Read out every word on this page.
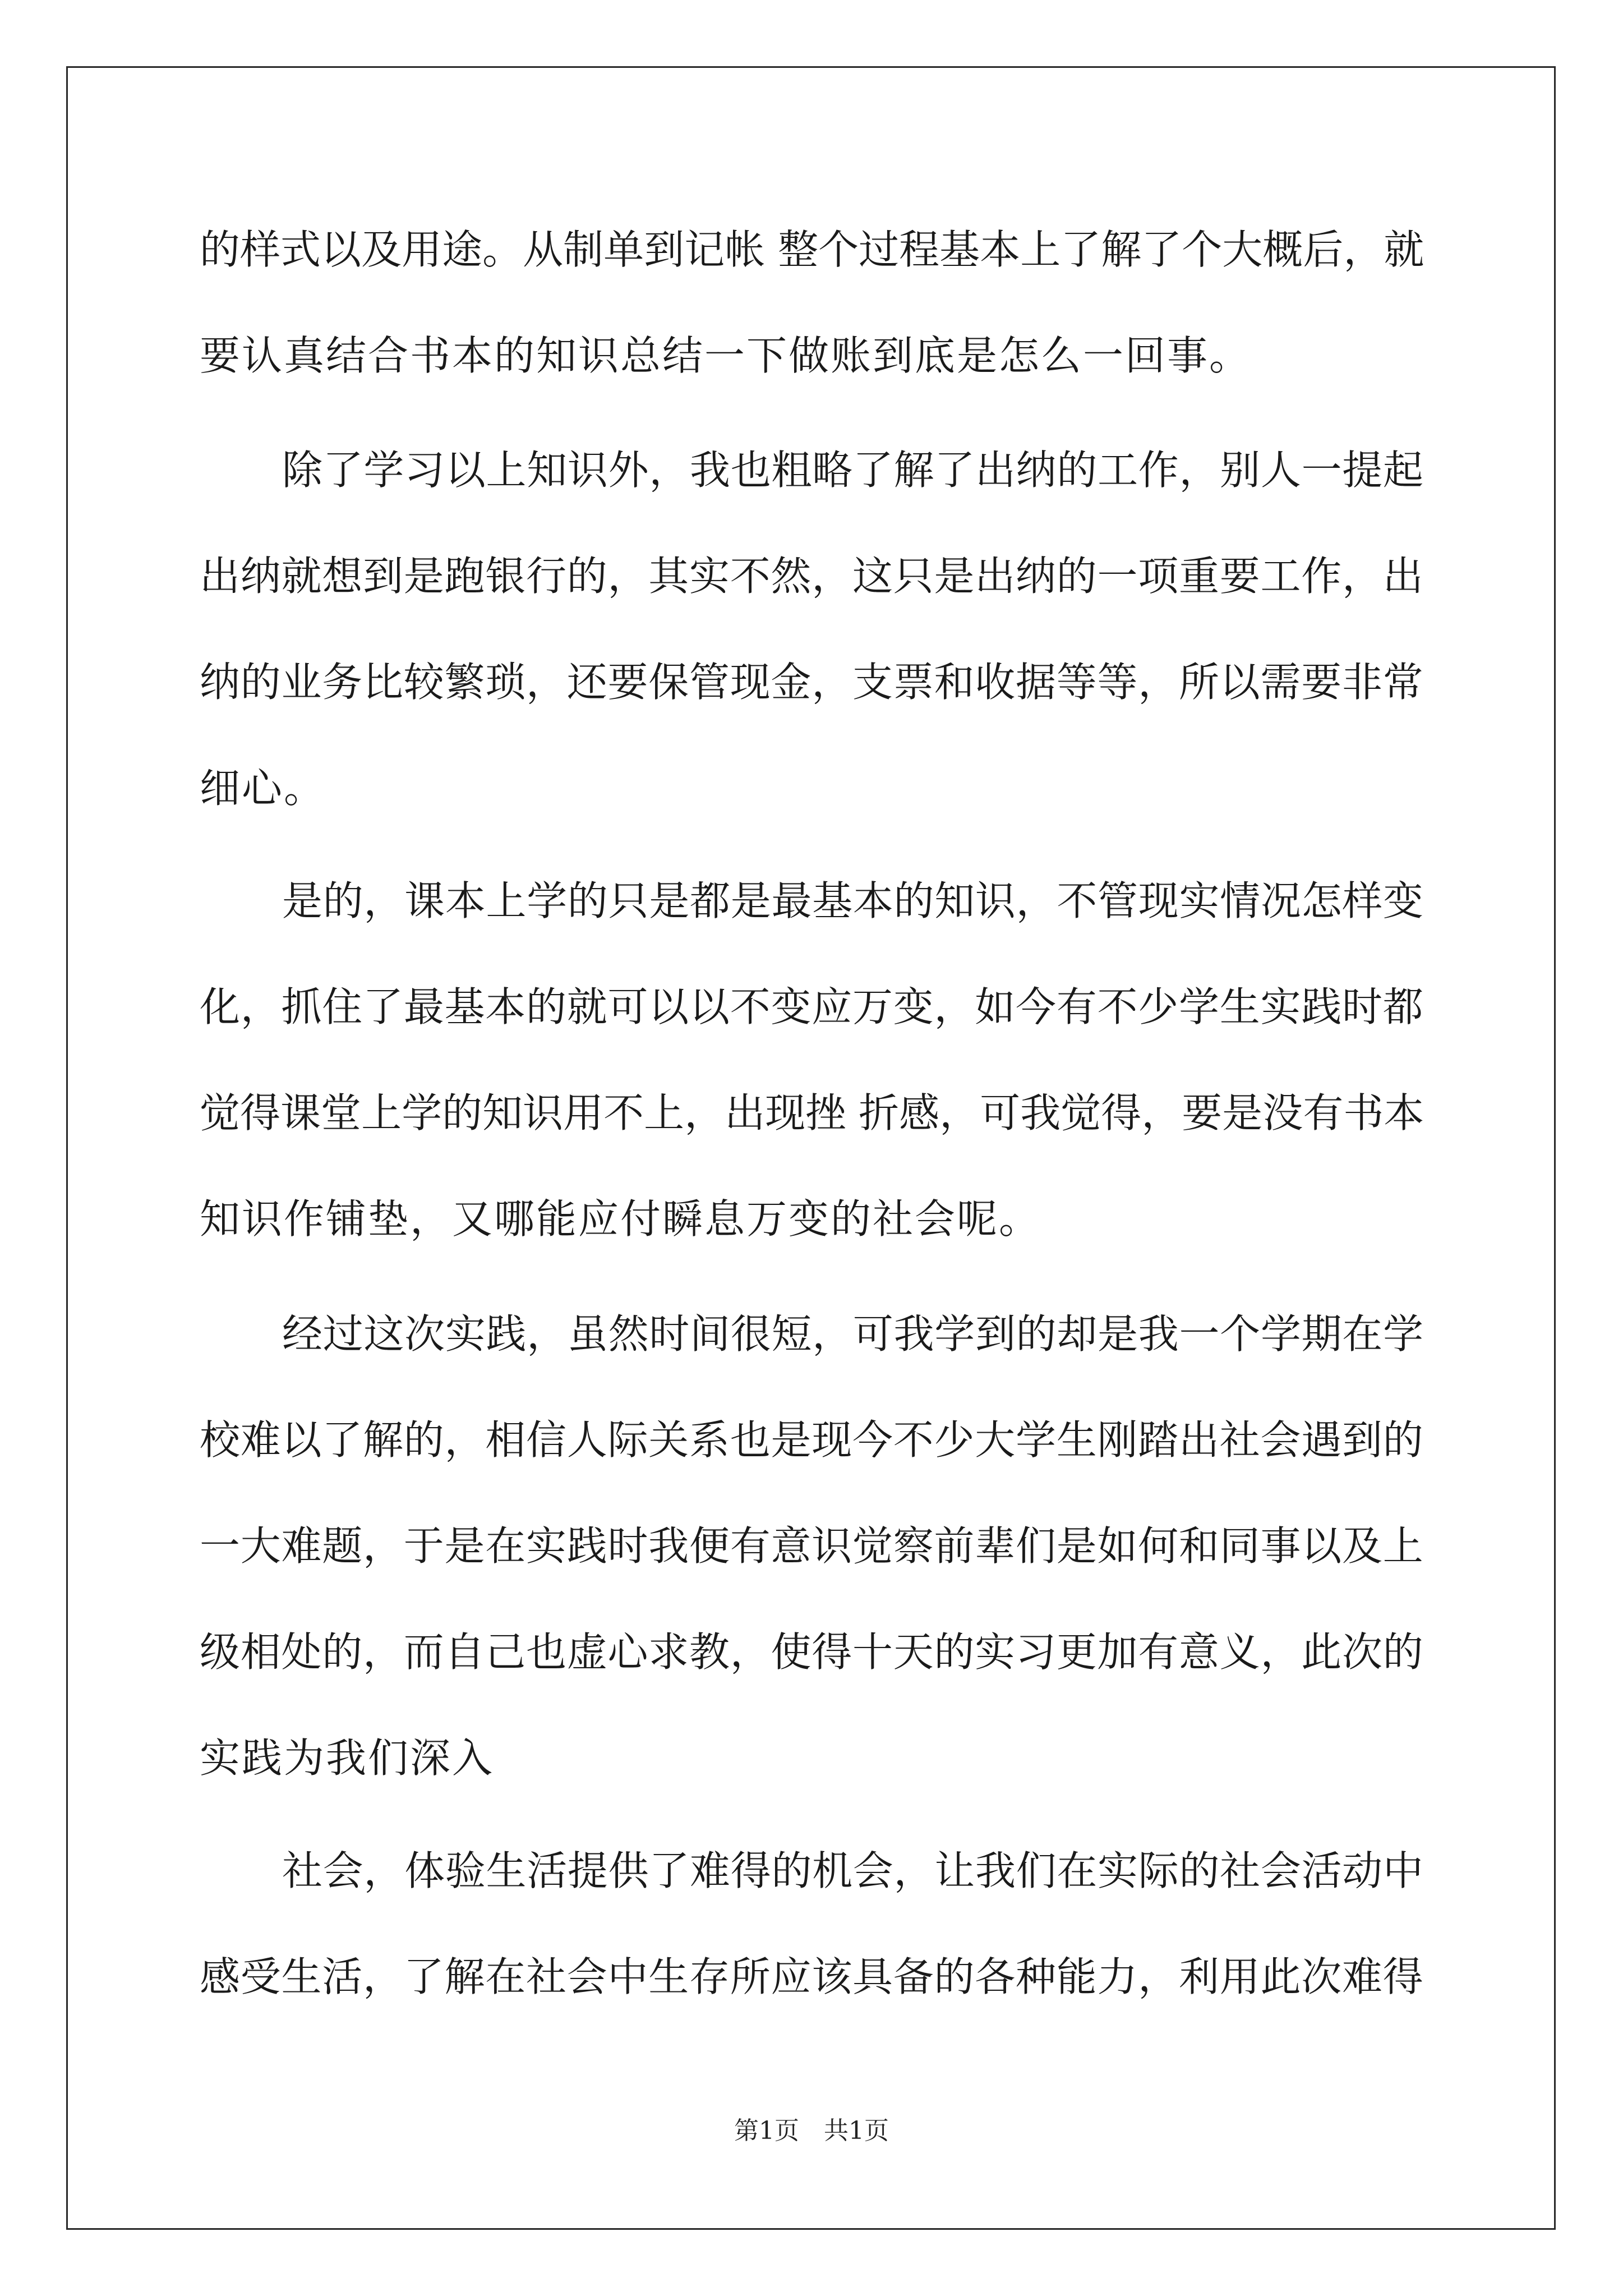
的 样 式 以 及 用 途 。 从 制 单 到 记 帐
整 个 过 程 基 本 上 了 解 了 个 大 概 后 ， 就
要认真结合书本的知识总结一下做账到底是怎么一回事。
除 了 学 习 以 上 知 识 外 ， 我 也 粗 略 了 解 了 出 纳 的 工 作 ， 别 人 一 提 起
出 纳 就 想 到 是 跑 银 行 的 ， 其 实 不 然 ， 这 只 是 出 纳 的 一 项 重 要 工 作 ， 出
纳 的 业 务 比 较 繁 琐 ， 还 要 保 管 现 金 ， 支 票 和 收 据 等 等 ， 所 以 需 要 非 常
细心。
是 的 ， 课 本 上 学 的 只 是 都 是 最 基 本 的 知 识 ， 不 管 现 实 情 况 怎 样 变
化 ， 抓 住 了 最 基 本 的 就 可 以 以 不 变 应 万 变 ， 如 今 有 不 少 学 生 实 践 时 都
觉 得 课 堂 上 学 的 知 识 用 不 上 ， 出 现 挫
折 感 ， 可 我 觉 得 ， 要 是 没 有 书 本
知识作铺垫，又哪能应付瞬息万变的社会呢。
经 过 这 次 实 践 ， 虽 然 时 间 很 短 ， 可 我 学 到 的 却 是 我 一 个 学 期 在 学
校 难 以 了 解 的 ， 相 信 人 际 关 系 也 是 现 今 不 少 大 学 生 刚 踏 出 社 会 遇 到 的
一 大 难 题 ， 于 是 在 实 践 时 我 便 有 意 识 觉 察 前 辈 们 是 如 何 和 同 事 以 及 上
级 相 处 的 ， 而 自 己 也 虚 心 求 教 ， 使 得 十 天 的 实 习 更 加 有 意 义 ， 此 次 的
实践为我们深入
社 会 ， 体 验 生 活 提 供 了 难 得 的 机 会 ， 让 我 们 在 实 际 的 社 会 活 动 中
感 受 生 活 ， 了 解 在 社 会 中 生 存 所 应 该 具 备 的 各 种 能 力 ， 利 用 此 次 难 得
第1页　共1页
